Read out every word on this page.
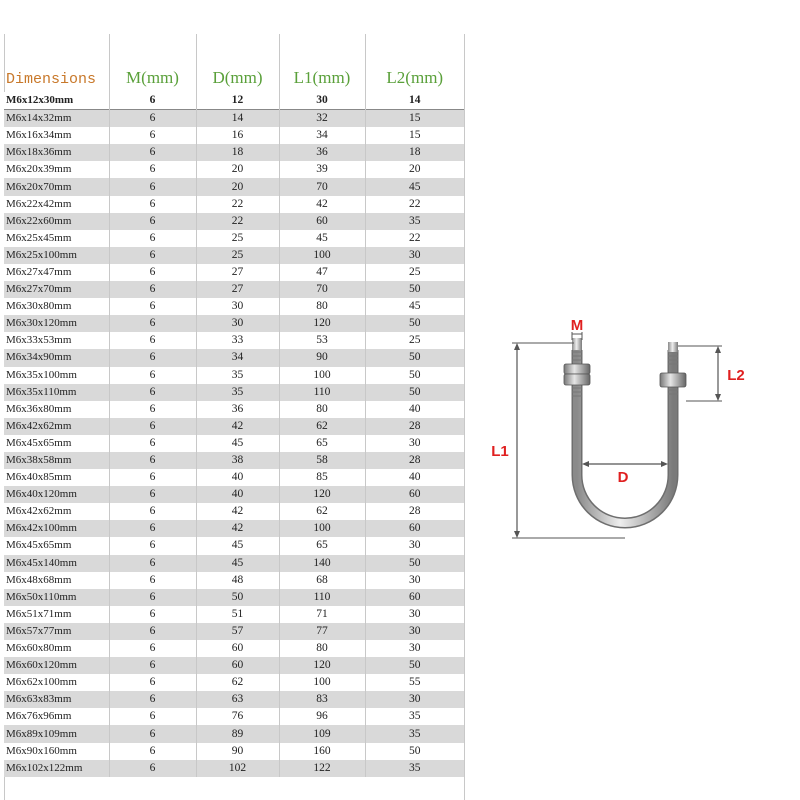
Dimensions	M(mm)	D(mm)	L1(mm)	L2(mm)
M6x12x30mm	6	12	30	14
M6x14x32mm	6	14	32	15
M6x16x34mm	6	16	34	15
M6x18x36mm	6	18	36	18
M6x20x39mm	6	20	39	20
M6x20x70mm	6	20	70	45
M6x22x42mm	6	22	42	22
M6x22x60mm	6	22	60	35
M6x25x45mm	6	25	45	22
M6x25x100mm	6	25	100	30
M6x27x47mm	6	27	47	25
M6x27x70mm	6	27	70	50
M6x30x80mm	6	30	80	45
M6x30x120mm	6	30	120	50
M6x33x53mm	6	33	53	25
M6x34x90mm	6	34	90	50
M6x35x100mm	6	35	100	50
M6x35x110mm	6	35	110	50
M6x36x80mm	6	36	80	40
M6x42x62mm	6	42	62	28
M6x45x65mm	6	45	65	30
M6x38x58mm	6	38	58	28
M6x40x85mm	6	40	85	40
M6x40x120mm	6	40	120	60
M6x42x62mm	6	42	62	28
M6x42x100mm	6	42	100	60
M6x45x65mm	6	45	65	30
M6x45x140mm	6	45	140	50
M6x48x68mm	6	48	68	30
M6x50x110mm	6	50	110	60
M6x51x71mm	6	51	71	30
M6x57x77mm	6	57	77	30
M6x60x80mm	6	60	80	30
M6x60x120mm	6	60	120	50
M6x62x100mm	6	62	100	55
M6x63x83mm	6	63	83	30
M6x76x96mm	6	76	96	35
M6x89x109mm	6	89	109	35
M6x90x160mm	6	90	160	50
M6x102x122mm	6	102	122	35
M
L1
L2
D
